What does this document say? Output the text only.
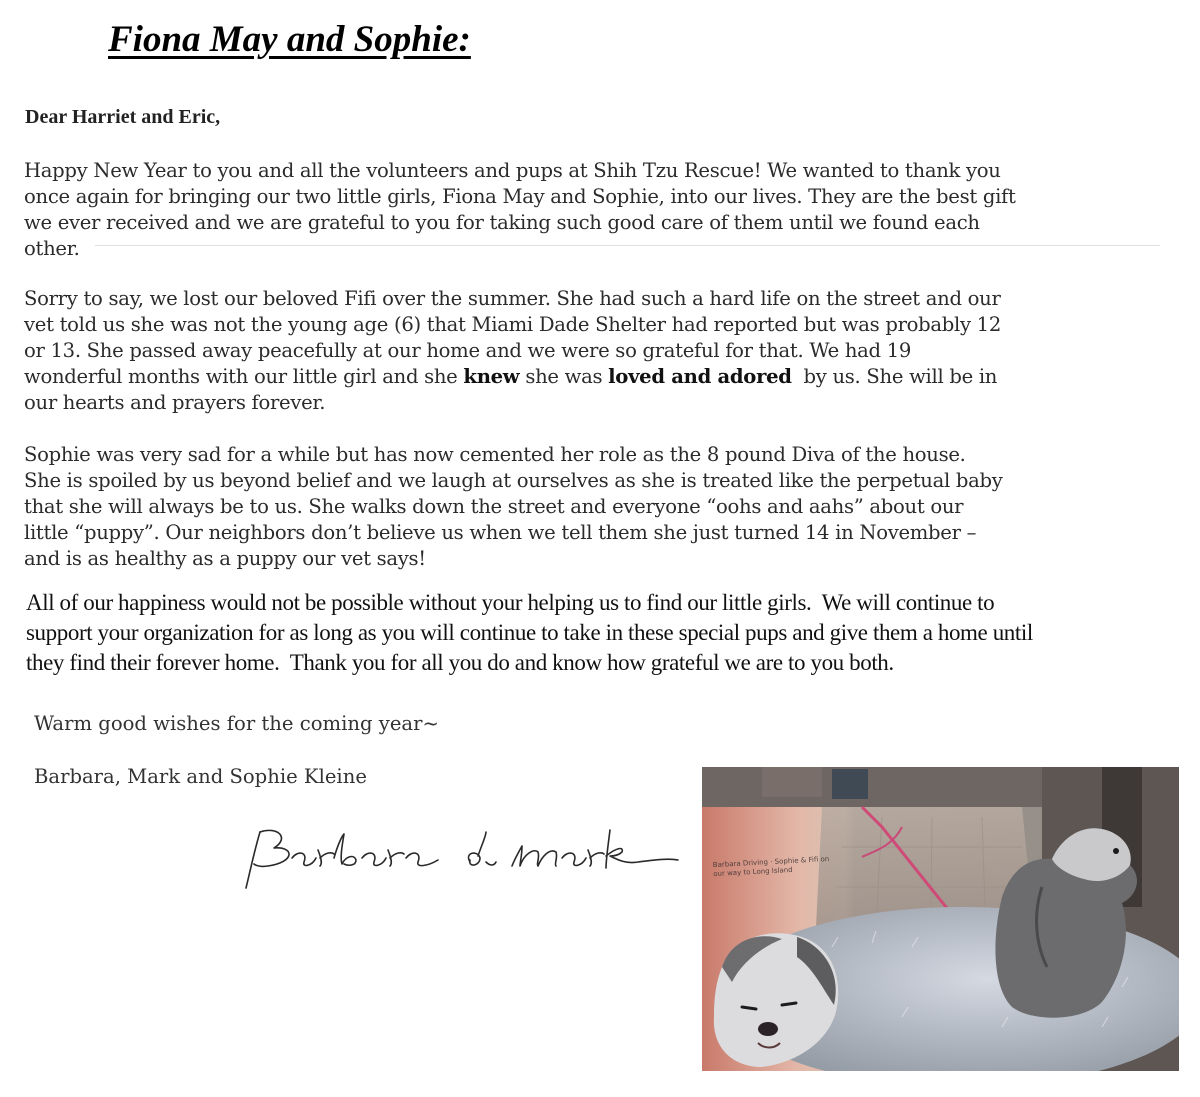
Fiona May and Sophie:

Dear Harriet and Eric,

Happy New Year to you and all the volunteers and pups at Shih Tzu Rescue! We wanted to thank you
once again for bringing our two little girls, Fiona May and Sophie, into our lives. They are the best gift
we ever received and we are grateful to you for taking such good care of them until we found each
other.
Sorry to say, we lost our beloved Fifi over the summer. She had such a hard life on the street and our
vet told us she was not the young age (6) that Miami Dade Shelter had reported but was probably 12
or 13. She passed away peacefully at our home and we were so grateful for that. We had 19
wonderful months with our little girl and she knew she was loved and adored  by us. She will be in
our hearts and prayers forever.
Sophie was very sad for a while but has now cemented her role as the 8 pound Diva of the house.
She is spoiled by us beyond belief and we laugh at ourselves as she is treated like the perpetual baby
that she will always be to us. She walks down the street and everyone “oohs and aahs” about our
little “puppy”. Our neighbors don’t believe us when we tell them she just turned 14 in November –
and is as healthy as a puppy our vet says!
All of our happiness would not be possible without your helping us to find our little girls.  We will continue to
support your organization for as long as you will continue to take in these special pups and give them a home until
they find their forever home.  Thank you for all you do and know how grateful we are to you both.

Warm good wishes for the coming year~

Barbara, Mark and Sophie Kleine

Barbara Driving · Sophie & Fifi on our way to Long Island
